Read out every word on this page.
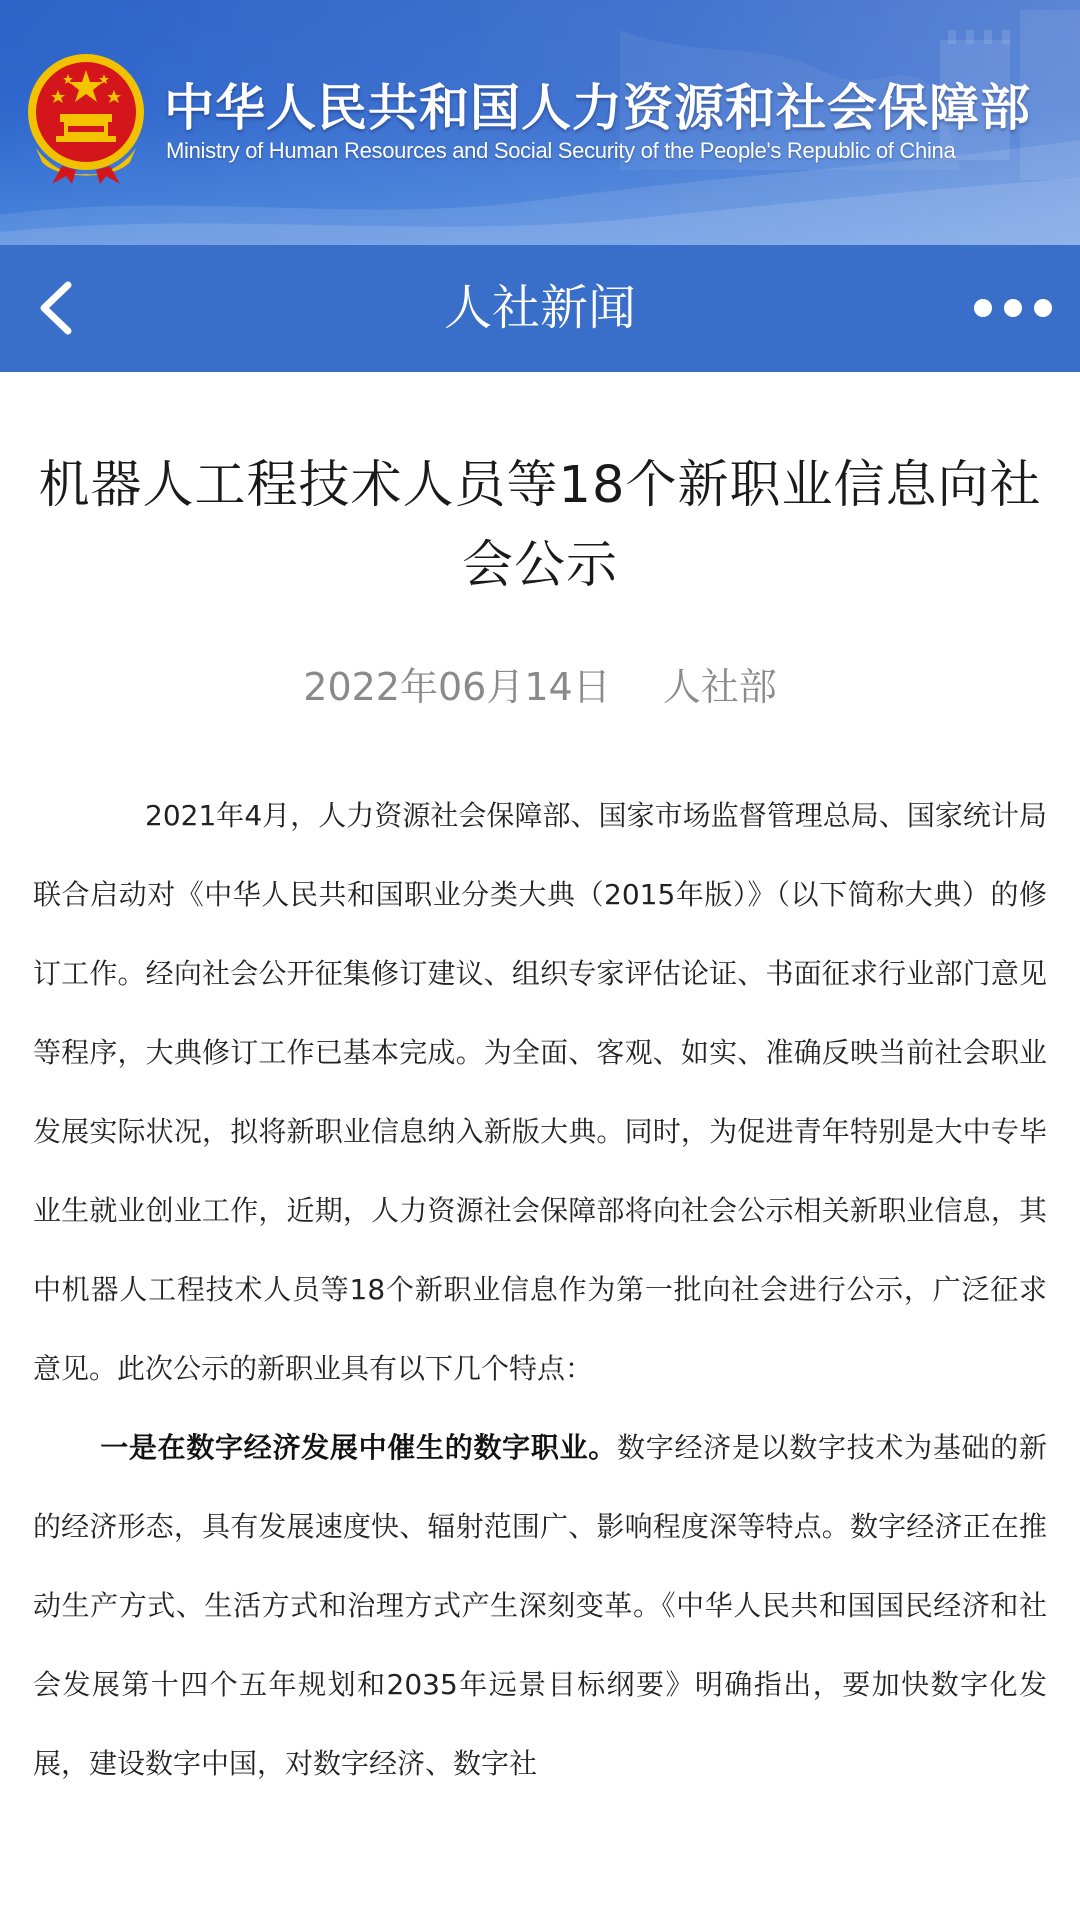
中华人民共和国人力资源和社会保障部
Ministry of Human Resources and Social Security of the People's Republic of China
人社新闻
机器人工程技术人员等18个新职业信息向社会公示
2022年06月14日 人社部

2021年4月，人力资源社会保障部、国家市场监督管理总局、国家统计局联合启动对《中华人民共和国职业分类大典（2015年版）》（以下简称大典）的修订工作。经向社会公开征集修订建议、组织专家评估论证、书面征求行业部门意见等程序，大典修订工作已基本完成。为全面、客观、如实、准确反映当前社会职业发展实际状况，拟将新职业信息纳入新版大典。同时，为促进青年特别是大中专毕业生就业创业工作，近期，人力资源社会保障部将向社会公示相关新职业信息，其中机器人工程技术人员等18个新职业信息作为第一批向社会进行公示，广泛征求意见。此次公示的新职业具有以下几个特点：

一是在数字经济发展中催生的数字职业。数字经济是以数字技术为基础的新的经济形态，具有发展速度快、辐射范围广、影响程度深等特点。数字经济正在推动生产方式、生活方式和治理方式产生深刻变革。《中华人民共和国国民经济和社会发展第十四个五年规划和2035年远景目标纲要》明确指出，要加快数字化发展，建设数字中国，对数字经济、数字社
